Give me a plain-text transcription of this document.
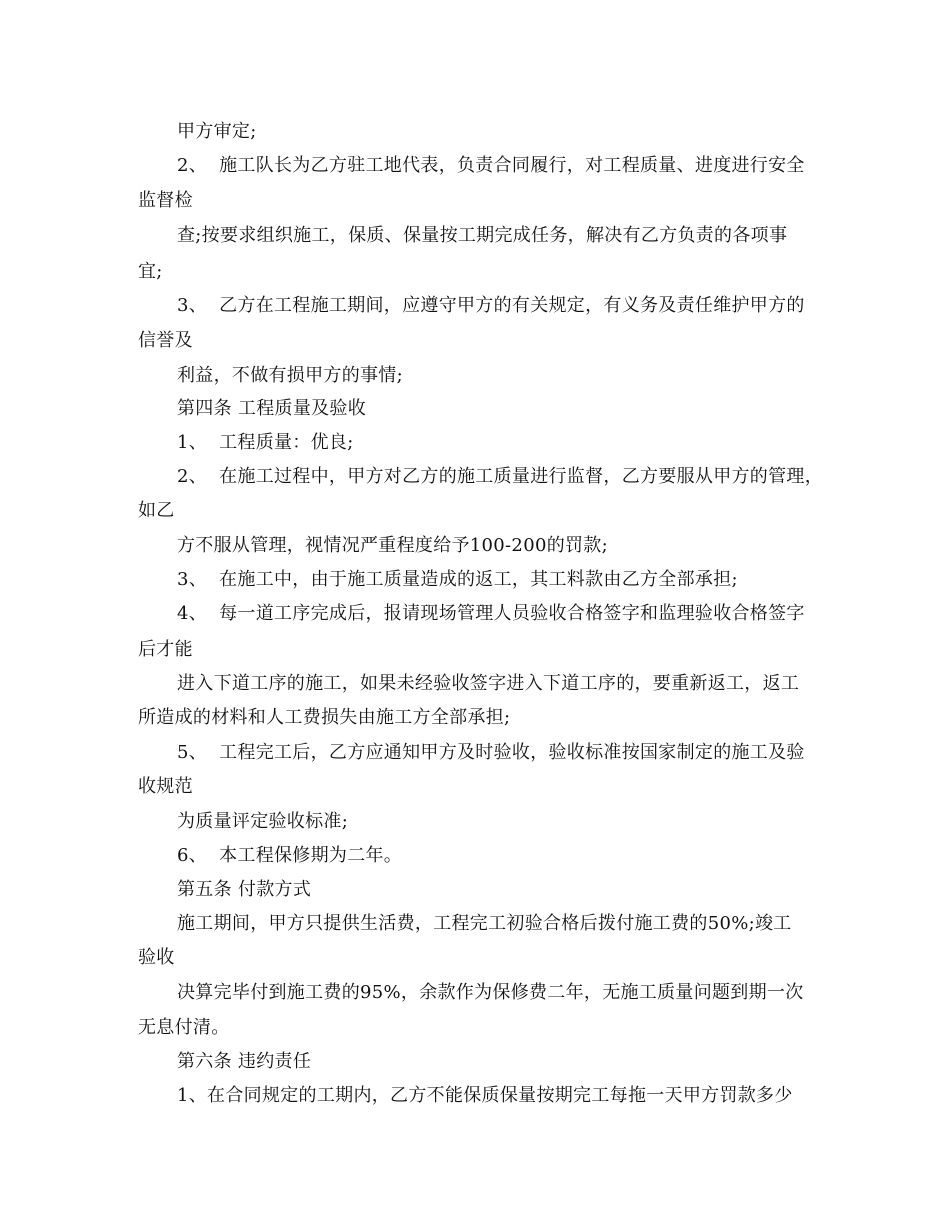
甲方审定;

2、  施工队长为乙方驻工地代表，负责合同履行，对工程质量、进度进行安全

监督检

查;按要求组织施工，保质、保量按工期完成任务，解决有乙方负责的各项事

宜;

3、  乙方在工程施工期间，应遵守甲方的有关规定，有义务及责任维护甲方的

信誉及

利益，不做有损甲方的事情;

第四条 工程质量及验收

1、  工程质量：优良;

2、  在施工过程中，甲方对乙方的施工质量进行监督，乙方要服从甲方的管理，

如乙

方不服从管理，视情况严重程度给予100-200的罚款;

3、  在施工中，由于施工质量造成的返工，其工料款由乙方全部承担;

4、  每一道工序完成后，报请现场管理人员验收合格签字和监理验收合格签字

后才能

进入下道工序的施工，如果未经验收签字进入下道工序的，要重新返工，返工

所造成的材料和人工费损失由施工方全部承担;

5、  工程完工后，乙方应通知甲方及时验收，验收标准按国家制定的施工及验

收规范

为质量评定验收标准;

6、  本工程保修期为二年。

第五条 付款方式

施工期间，甲方只提供生活费，工程完工初验合格后拨付施工费的50%;竣工

验收

决算完毕付到施工费的95%，余款作为保修费二年，无施工质量问题到期一次

无息付清。

第六条 违约责任

1、在合同规定的工期内，乙方不能保质保量按期完工每拖一天甲方罚款多少
